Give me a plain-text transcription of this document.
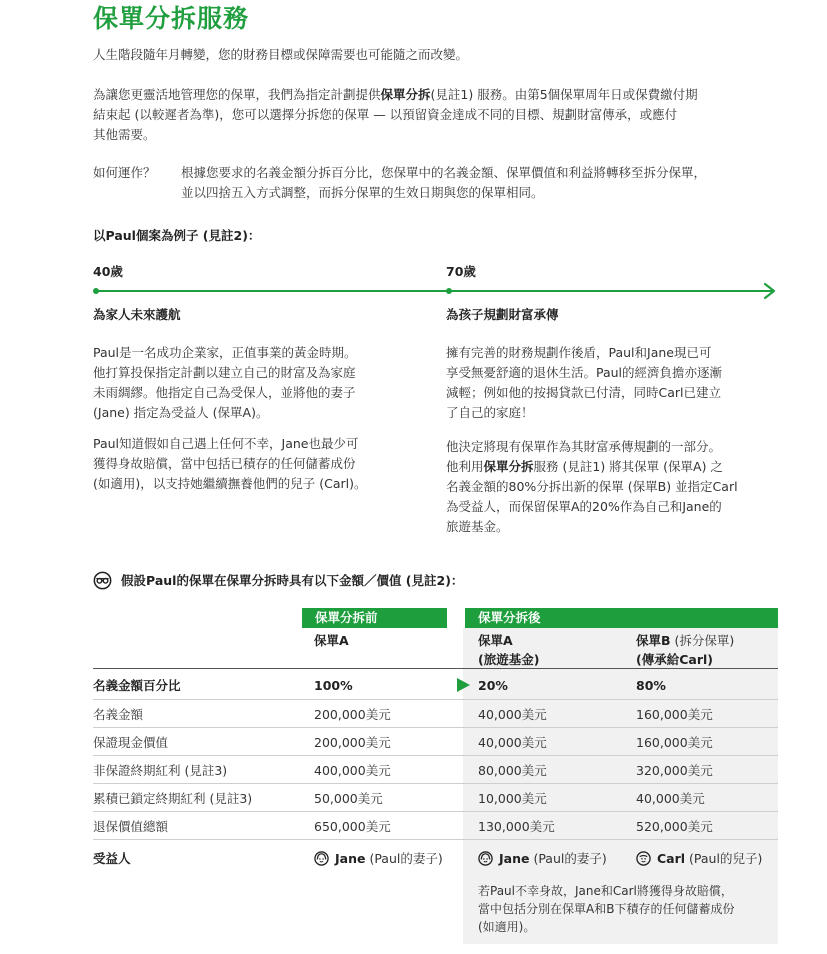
保單分拆服務
人生階段隨年月轉變，您的財務目標或保障需要也可能隨之而改變。
為讓您更靈活地管理您的保單，我們為指定計劃提供保單分拆(見註1) 服務。由第5個保單周年日或保費繳付期
結束起 (以較遲者為準)，您可以選擇分拆您的保單 — 以預留資金達成不同的目標、規劃財富傳承，或應付
其他需要。
如何運作？ 根據您要求的名義金額分拆百分比，您保單中的名義金額、保單價值和利益將轉移至拆分保單，
並以四捨五入方式調整，而拆分保單的生效日期與您的保單相同。
以Paul個案為例子 (見註2)：
40歲	70歲
為家人未來護航
Paul是一名成功企業家，正值事業的黃金時期。
他打算投保指定計劃以建立自己的財富及為家庭
未雨綢繆。他指定自己為受保人，並將他的妻子
(Jane) 指定為受益人 (保單A)。
Paul知道假如自己遇上任何不幸，Jane也最少可
獲得身故賠償，當中包括已積存的任何儲蓄成份
(如適用)，以支持她繼續撫養他們的兒子 (Carl)。
為孩子規劃財富承傳
擁有完善的財務規劃作後盾，Paul和Jane現已可
享受無憂舒適的退休生活。Paul的經濟負擔亦逐漸
減輕；例如他的按揭貸款已付清，同時Carl已建立
了自己的家庭！
他決定將現有保單作為其財富承傳規劃的一部分。
他利用保單分拆服務 (見註1) 將其保單 (保單A) 之
名義金額的80%分拆出新的保單 (保單B) 並指定Carl
為受益人，而保留保單A的20%作為自己和Jane的
旅遊基金。
假設Paul的保單在保單分拆時具有以下金額／價值 (見註2)：
保單分拆前	保單分拆後
保單A	保單A
(旅遊基金)
保單B (拆分保單)
(傳承給Carl)
名義金額百分比	100%	20%	80%
名義金額	200,000美元	40,000美元	160,000美元
保證現金價值	200,000美元	40,000美元	160,000美元
非保證終期紅利 (見註3)	400,000美元	80,000美元	320,000美元
累積已鎖定終期紅利 (見註3)	50,000美元	10,000美元	40,000美元
退保價值總額	650,000美元	130,000美元	520,000美元
受益人	Jane (Paul的妻子)	Jane (Paul的妻子)	Carl (Paul的兒子)
若Paul不幸身故，Jane和Carl將獲得身故賠償，
當中包括分別在保單A和B下積存的任何儲蓄成份
(如適用)。
